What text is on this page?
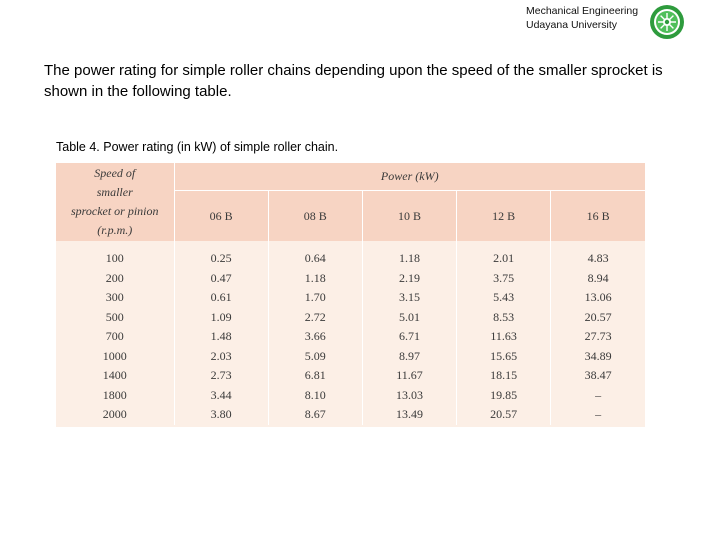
Mechanical Engineering
Udayana University
The power rating for simple roller chains depending upon the speed of the smaller sprocket is shown in the following table.
Table 4. Power rating (in kW) of simple roller chain.
Speed of
smaller
sprocket or pinion
(r.p.m.)	Power (kW)				
	06 B	08 B	10 B	12 B	16 B
100	0.25	0.64	1.18	2.01	4.83
200	0.47	1.18	2.19	3.75	8.94
300	0.61	1.70	3.15	5.43	13.06
500	1.09	2.72	5.01	8.53	20.57
700	1.48	3.66	6.71	11.63	27.73
1000	2.03	5.09	8.97	15.65	34.89
1400	2.73	6.81	11.67	18.15	38.47
1800	3.44	8.10	13.03	19.85	–
2000	3.80	8.67	13.49	20.57	–
